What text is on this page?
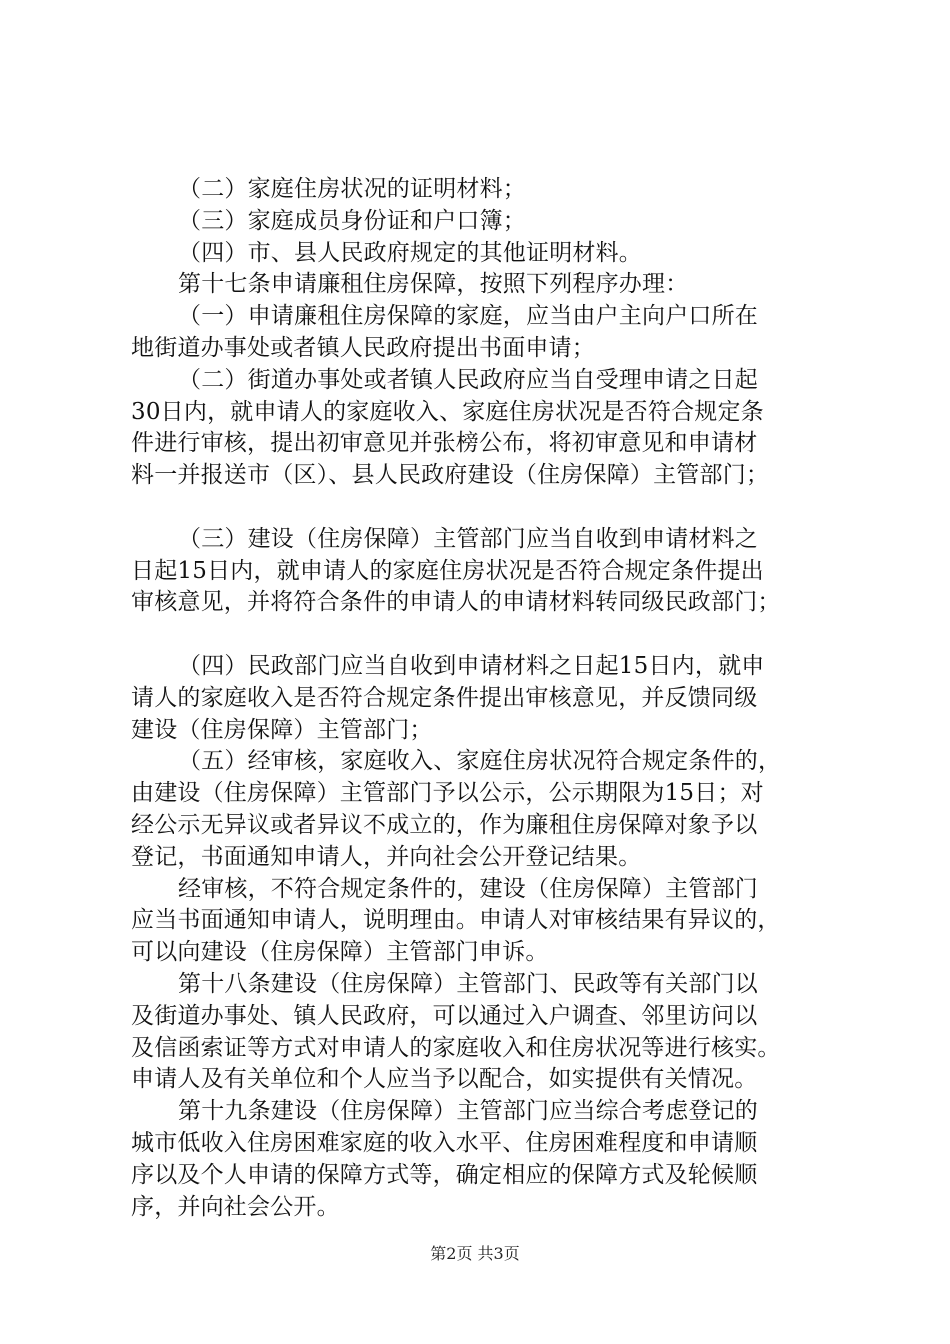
（二）家庭住房状况的证明材料；
（三）家庭成员身份证和户口簿；
（四）市、县人民政府规定的其他证明材料。
第十七条申请廉租住房保障，按照下列程序办理：
（一）申请廉租住房保障的家庭，应当由户主向户口所在
地街道办事处或者镇人民政府提出书面申请；
（二）街道办事处或者镇人民政府应当自受理申请之日起
30日内，就申请人的家庭收入、家庭住房状况是否符合规定条
件进行审核，提出初审意见并张榜公布，将初审意见和申请材
料一并报送市（区）、县人民政府建设（住房保障）主管部门；
（三）建设（住房保障）主管部门应当自收到申请材料之
日起15日内，就申请人的家庭住房状况是否符合规定条件提出
审核意见，并将符合条件的申请人的申请材料转同级民政部门；
（四）民政部门应当自收到申请材料之日起15日内，就申
请人的家庭收入是否符合规定条件提出审核意见，并反馈同级
建设（住房保障）主管部门；
（五）经审核，家庭收入、家庭住房状况符合规定条件的，
由建设（住房保障）主管部门予以公示，公示期限为15日；对
经公示无异议或者异议不成立的，作为廉租住房保障对象予以
登记，书面通知申请人，并向社会公开登记结果。
经审核，不符合规定条件的，建设（住房保障）主管部门
应当书面通知申请人，说明理由。申请人对审核结果有异议的，
可以向建设（住房保障）主管部门申诉。
第十八条建设（住房保障）主管部门、民政等有关部门以
及街道办事处、镇人民政府，可以通过入户调查、邻里访问以
及信函索证等方式对申请人的家庭收入和住房状况等进行核实。
申请人及有关单位和个人应当予以配合，如实提供有关情况。
第十九条建设（住房保障）主管部门应当综合考虑登记的
城市低收入住房困难家庭的收入水平、住房困难程度和申请顺
序以及个人申请的保障方式等，确定相应的保障方式及轮候顺
序，并向社会公开。
第2页 共3页
